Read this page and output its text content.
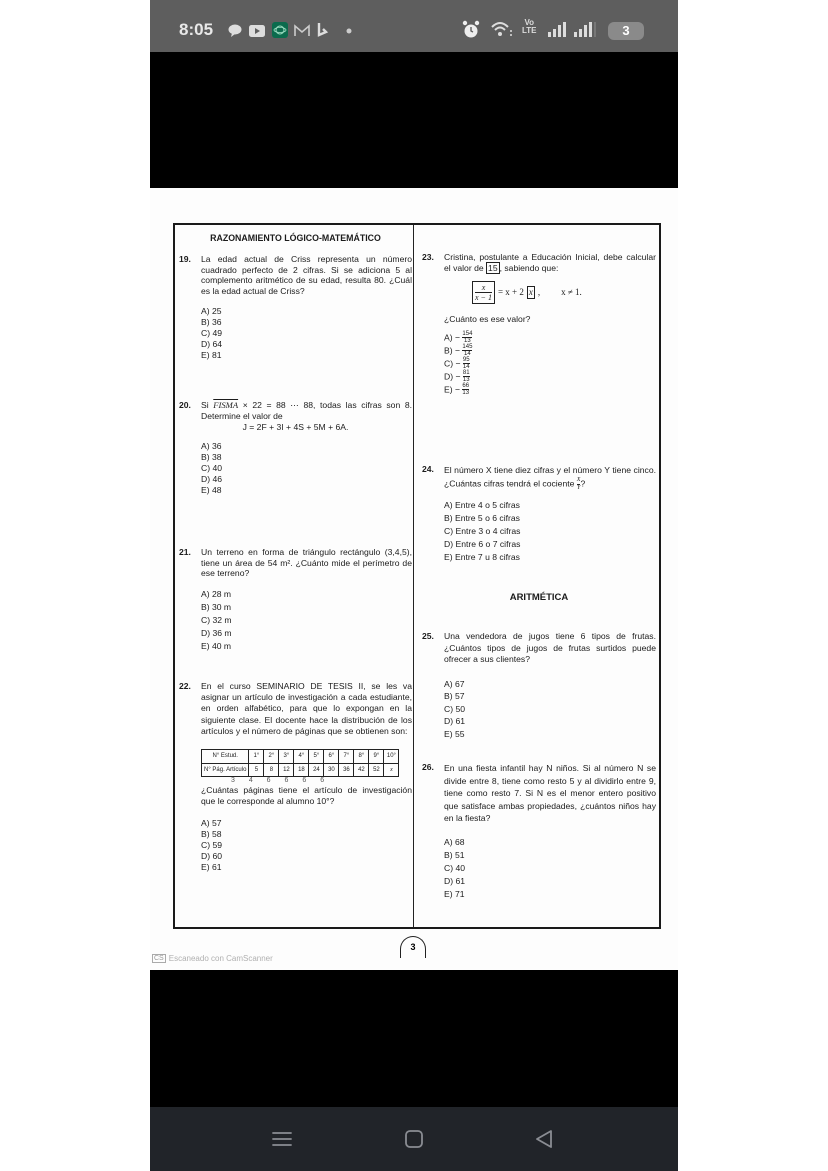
8:05	Vo
LTE	3
RAZONAMIENTO LÓGICO-MATEMÁTICO
19. La edad actual de Criss representa un número cuadrado perfecto de 2 cifras. Si se adiciona 5 al complemento aritmético de su edad, resulta 80. ¿Cuál es la edad actual de Criss?
A) 25
B) 36
C) 49
D) 64
E) 81
20. Si FISMA × 22 = 88 ⋯ 88, todas las cifras son 8. Determine el valor de
J = 2F + 3I + 4S + 5M + 6A.
A) 36
B) 38
C) 40
D) 46
E) 48
21. Un terreno en forma de triángulo rectángulo (3,4,5), tiene un área de 54 m². ¿Cuánto mide el perímetro de ese terreno?
A) 28 m
B) 30 m
C) 32 m
D) 36 m
E) 40 m
22. En el curso SEMINARIO DE TESIS II, se les va asignar un artículo de investigación a cada estudiante, en orden alfabético, para que lo expongan en la siguiente clase. El docente hace la distribución de los artículos y el número de páginas que se obtienen son:
N° Estud.	1°	2°	3°	4°	5°	6°	7°	8°	9°	10°
N° Pág. Artículo	5	8	12	18	24	30	36	42	52	x
3 4 6 6 6 6
¿Cuántas páginas tiene el artículo de investigación que le corresponde al alumno 10°?
A) 57
B) 58
C) 59
D) 60
E) 61
23. Cristina, postulante a Educación Inicial, debe calcular el valor de 15 , sabiendo que:
$\frac{x}{x - 1} = x + 2$ x , x ≠ 1.
¿Cuánto es ese valor?
$A) - \frac{154}{13}$
$B) - \frac{145}{14}$
$C) - \frac{95}{14}$
$D) - \frac{81}{13}$
$E) - \frac{66}{13}$
24. El número X tiene diez cifras y el número Y tiene cinco. ¿Cuántas cifras tendrá el cociente $\frac{X}{Y}$ ?
A) Entre 4 o 5 cifras
B) Entre 5 o 6 cifras
C) Entre 3 o 4 cifras
D) Entre 6 o 7 cifras
E) Entre 7 u 8 cifras
ARITMÉTICA
25. Una vendedora de jugos tiene 6 tipos de frutas. ¿Cuántos tipos de jugos de frutas surtidos puede ofrecer a sus clientes?
A) 67
B) 57
C) 50
D) 61
E) 55
26. En una fiesta infantil hay N niños. Si al número N se divide entre 8, tiene como resto 5 y al dividirlo entre 9, tiene como resto 7. Si N es el menor entero positivo que satisface ambas propiedades, ¿cuántos niños hay en la fiesta?
A) 68
B) 51
C) 40
D) 61
E) 71
3
CS Escaneado con CamScanner
